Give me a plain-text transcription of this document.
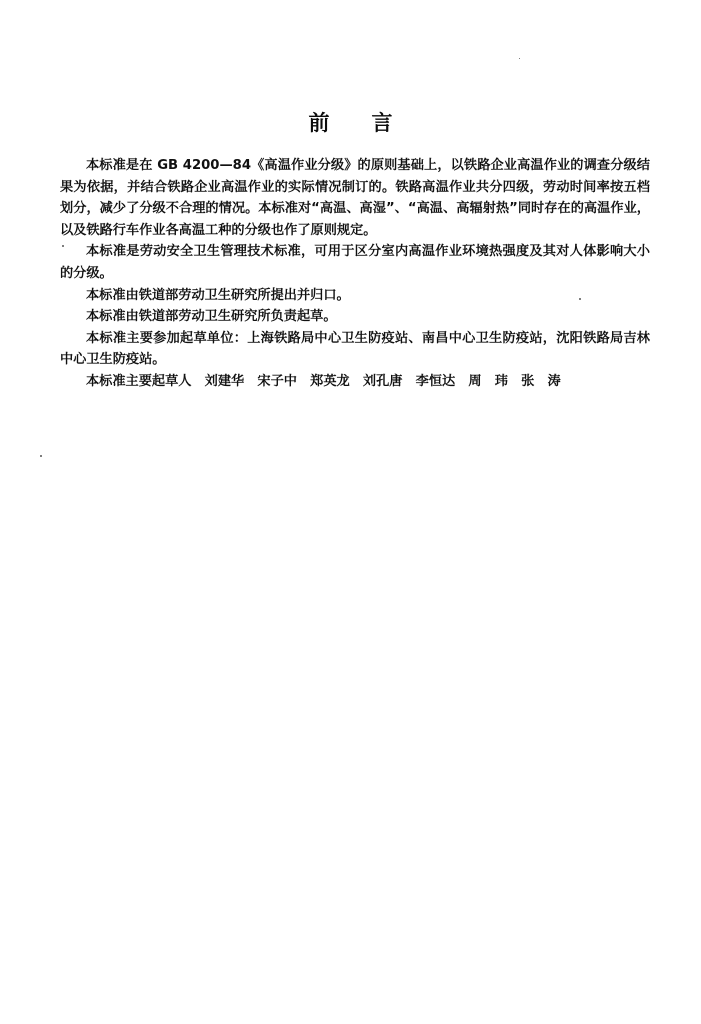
前言

本标准是在 GB 4200—84《高温作业分级》的原则基础上，以铁路企业高温作业的调查分级结果为依据，并结合铁路企业高温作业的实际情况制订的。铁路高温作业共分四级，劳动时间率按五档划分，减少了分级不合理的情况。本标准对“高温、高湿”、“高温、高辐射热”同时存在的高温作业，以及铁路行车作业各高温工种的分级也作了原则规定。

本标准是劳动安全卫生管理技术标准，可用于区分室内高温作业环境热强度及其对人体影响大小的分级。

本标准由铁道部劳动卫生研究所提出并归口。

本标准由铁道部劳动卫生研究所负责起草。

本标准主要参加起草单位：上海铁路局中心卫生防疫站、南昌中心卫生防疫站，沈阳铁路局吉林中心卫生防疫站。

本标准主要起草人　刘建华　宋子中　郑英龙　刘孔唐　李恒达　周　玮　张　涛
